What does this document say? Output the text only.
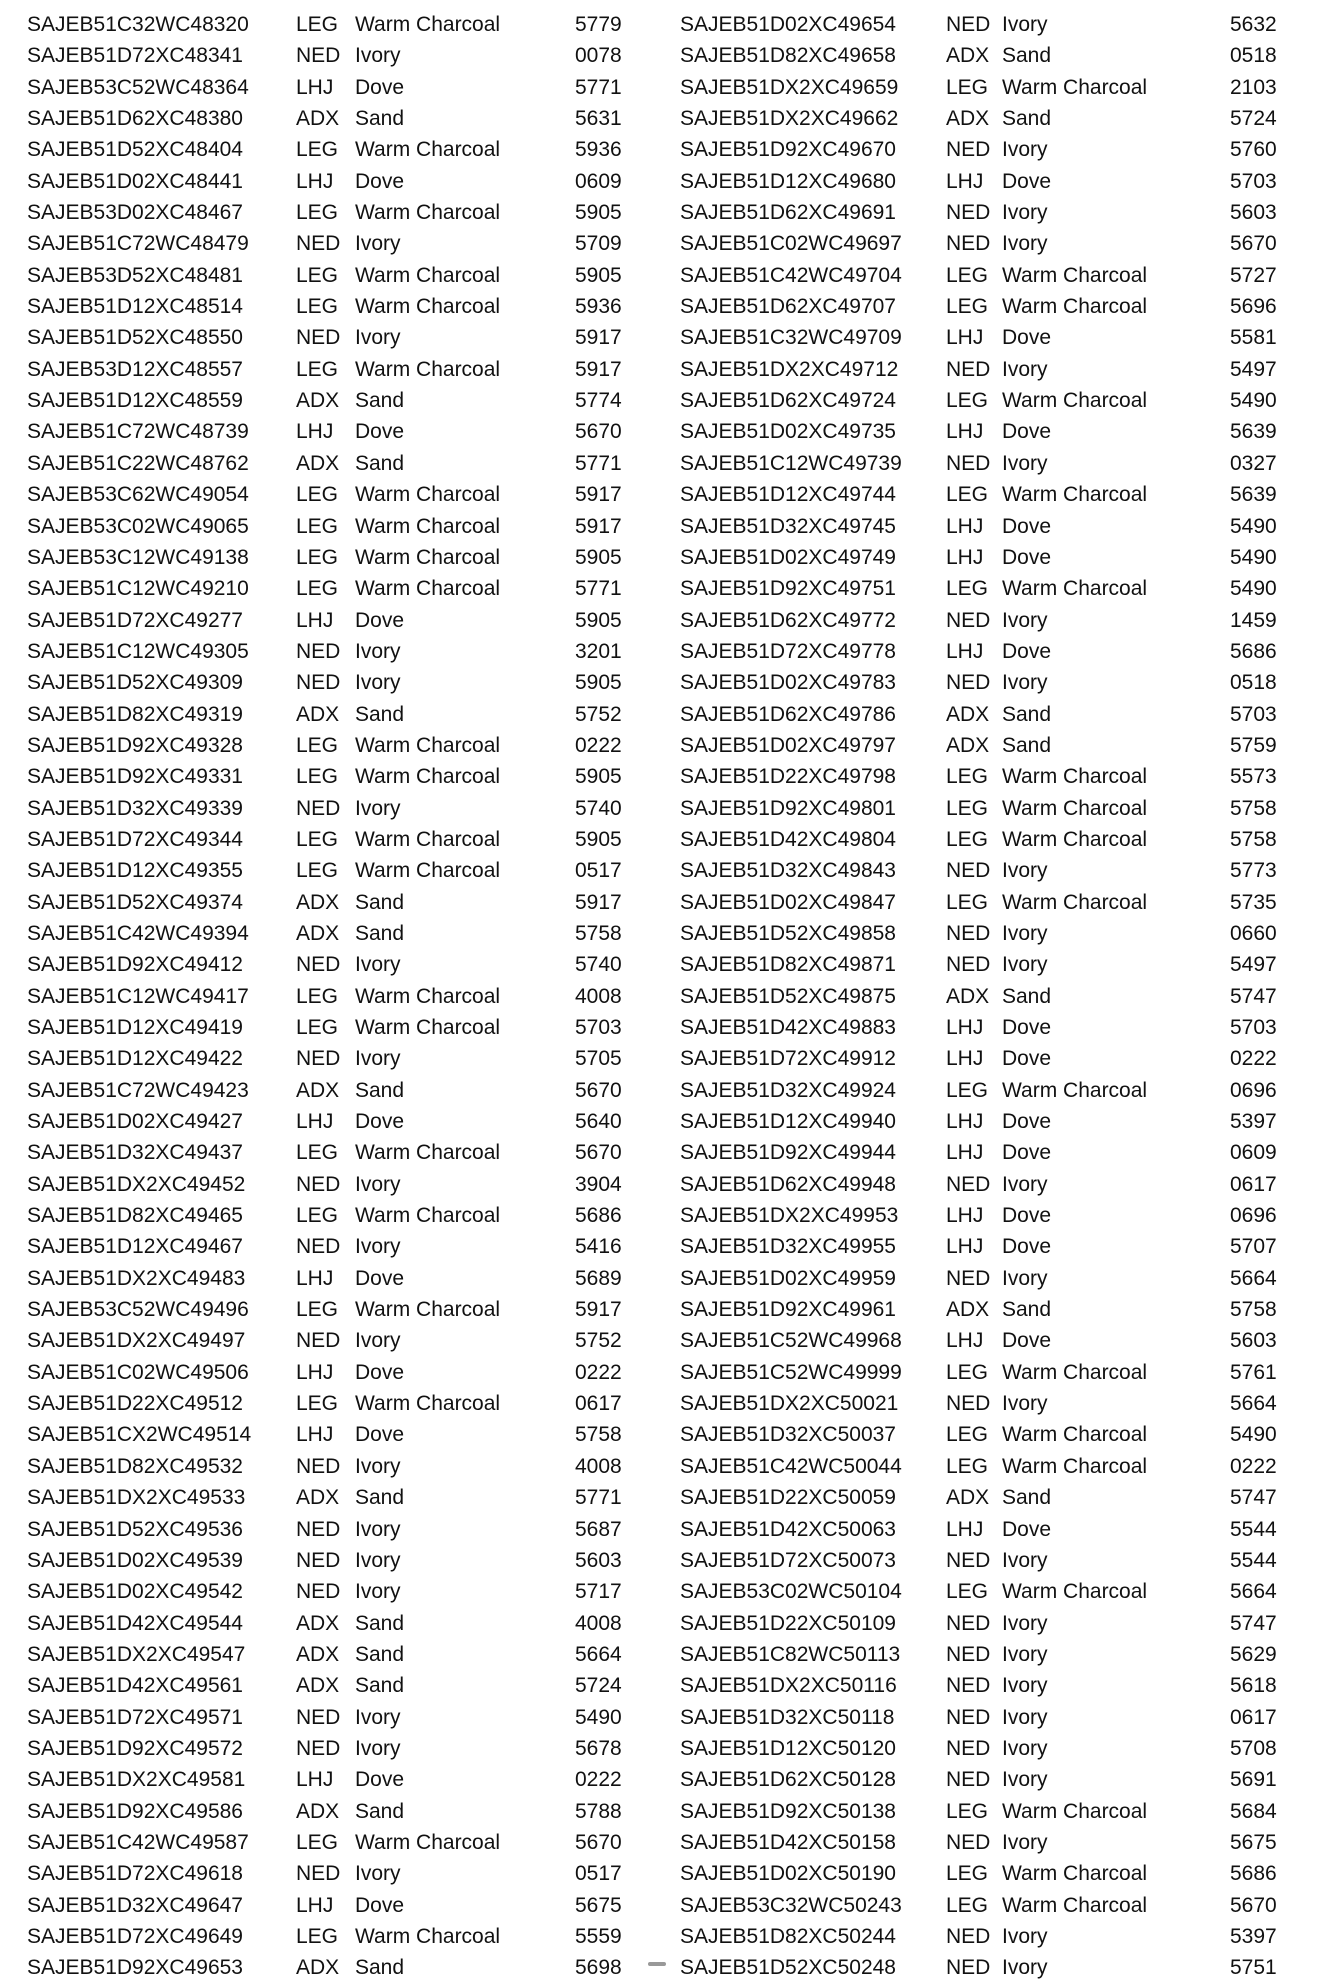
SAJEB51C32WC48320 LEG Warm Charcoal	5779
SAJEB51D72XC48341	NED Ivory	0078
SAJEB53C52WC48364 LHJ Dove	5771
SAJEB51D62XC48380	ADX Sand	5631
SAJEB51D52XC48404	LEG Warm Charcoal	5936
SAJEB51D02XC48441	LHJ Dove	0609
SAJEB53D02XC48467	LEG Warm Charcoal	5905
SAJEB51C72WC48479 NED Ivory	5709
SAJEB53D52XC48481	LEG Warm Charcoal	5905
SAJEB51D12XC48514	LEG Warm Charcoal	5936
SAJEB51D52XC48550	NED Ivory	5917
SAJEB53D12XC48557	LEG Warm Charcoal	5917
SAJEB51D12XC48559	ADX Sand	5774
SAJEB51C72WC48739 LHJ Dove	5670
SAJEB51C22WC48762 ADX Sand	5771
SAJEB53C62WC49054 LEG Warm Charcoal	5917
SAJEB53C02WC49065 LEG Warm Charcoal	5917
SAJEB53C12WC49138 LEG Warm Charcoal	5905
SAJEB51C12WC49210 LEG Warm Charcoal	5771
SAJEB51D72XC49277	LHJ Dove	5905
SAJEB51C12WC49305 NED Ivory	3201
SAJEB51D52XC49309	NED Ivory	5905
SAJEB51D82XC49319	ADX Sand	5752
SAJEB51D92XC49328	LEG Warm Charcoal	0222
SAJEB51D92XC49331	LEG Warm Charcoal	5905
SAJEB51D32XC49339	NED Ivory	5740
SAJEB51D72XC49344	LEG Warm Charcoal	5905
SAJEB51D12XC49355	LEG Warm Charcoal	0517
SAJEB51D52XC49374	ADX Sand	5917
SAJEB51C42WC49394 ADX Sand	5758
SAJEB51D92XC49412	NED Ivory	5740
SAJEB51C12WC49417 LEG Warm Charcoal	4008
SAJEB51D12XC49419	LEG Warm Charcoal	5703
SAJEB51D12XC49422	NED Ivory	5705
SAJEB51C72WC49423 ADX Sand	5670
SAJEB51D02XC49427	LHJ Dove	5640
SAJEB51D32XC49437	LEG Warm Charcoal	5670
SAJEB51DX2XC49452 NED Ivory	3904
SAJEB51D82XC49465	LEG Warm Charcoal	5686
SAJEB51D12XC49467	NED Ivory	5416
SAJEB51DX2XC49483 LHJ Dove	5689
SAJEB53C52WC49496 LEG Warm Charcoal	5917
SAJEB51DX2XC49497 NED Ivory	5752
SAJEB51C02WC49506 LHJ Dove	0222
SAJEB51D22XC49512	LEG Warm Charcoal	0617
SAJEB51CX2WC49514 LHJ Dove	5758
SAJEB51D82XC49532	NED Ivory	4008
SAJEB51DX2XC49533 ADX Sand	5771
SAJEB51D52XC49536	NED Ivory	5687
SAJEB51D02XC49539	NED Ivory	5603
SAJEB51D02XC49542	NED Ivory	5717
SAJEB51D42XC49544	ADX Sand	4008
SAJEB51DX2XC49547 ADX Sand	5664
SAJEB51D42XC49561	ADX Sand	5724
SAJEB51D72XC49571	NED Ivory	5490
SAJEB51D92XC49572	NED Ivory	5678
SAJEB51DX2XC49581 LHJ Dove	0222
SAJEB51D92XC49586	ADX Sand	5788
SAJEB51C42WC49587 LEG Warm Charcoal	5670
SAJEB51D72XC49618	NED Ivory	0517
SAJEB51D32XC49647	LHJ Dove	5675
SAJEB51D72XC49649	LEG Warm Charcoal	5559
SAJEB51D92XC49653	ADX Sand	5698
SAJEB51D02XC49654 NED Ivory	5632
SAJEB51D82XC49658 ADX Sand	0518
SAJEB51DX2XC49659 LEG Warm Charcoal	2103
SAJEB51DX2XC49662 ADX Sand	5724
SAJEB51D92XC49670 NED Ivory	5760
SAJEB51D12XC49680 LHJ Dove	5703
SAJEB51D62XC49691 NED Ivory	5603
SAJEB51C02WC49697 NED Ivory	5670
SAJEB51C42WC49704 LEG Warm Charcoal	5727
SAJEB51D62XC49707 LEG Warm Charcoal	5696
SAJEB51C32WC49709 LHJ Dove	5581
SAJEB51DX2XC49712 NED Ivory	5497
SAJEB51D62XC49724 LEG Warm Charcoal	5490
SAJEB51D02XC49735 LHJ Dove	5639
SAJEB51C12WC49739 NED Ivory	0327
SAJEB51D12XC49744 LEG Warm Charcoal	5639
SAJEB51D32XC49745 LHJ Dove	5490
SAJEB51D02XC49749 LHJ Dove	5490
SAJEB51D92XC49751 LEG Warm Charcoal	5490
SAJEB51D62XC49772 NED Ivory	1459
SAJEB51D72XC49778 LHJ Dove	5686
SAJEB51D02XC49783 NED Ivory	0518
SAJEB51D62XC49786 ADX Sand	5703
SAJEB51D02XC49797 ADX Sand	5759
SAJEB51D22XC49798 LEG Warm Charcoal	5573
SAJEB51D92XC49801 LEG Warm Charcoal	5758
SAJEB51D42XC49804 LEG Warm Charcoal	5758
SAJEB51D32XC49843 NED Ivory	5773
SAJEB51D02XC49847 LEG Warm Charcoal	5735
SAJEB51D52XC49858 NED Ivory	0660
SAJEB51D82XC49871 NED Ivory	5497
SAJEB51D52XC49875 ADX Sand	5747
SAJEB51D42XC49883 LHJ Dove	5703
SAJEB51D72XC49912 LHJ Dove	0222
SAJEB51D32XC49924 LEG Warm Charcoal	0696
SAJEB51D12XC49940 LHJ Dove	5397
SAJEB51D92XC49944 LHJ Dove	0609
SAJEB51D62XC49948 NED Ivory	0617
SAJEB51DX2XC49953 LHJ Dove	0696
SAJEB51D32XC49955 LHJ Dove	5707
SAJEB51D02XC49959 NED Ivory	5664
SAJEB51D92XC49961 ADX Sand	5758
SAJEB51C52WC49968 LHJ Dove	5603
SAJEB51C52WC49999 LEG Warm Charcoal	5761
SAJEB51DX2XC50021 NED Ivory	5664
SAJEB51D32XC50037 LEG Warm Charcoal	5490
SAJEB51C42WC50044 LEG Warm Charcoal	0222
SAJEB51D22XC50059 ADX Sand	5747
SAJEB51D42XC50063 LHJ Dove	5544
SAJEB51D72XC50073 NED Ivory	5544
SAJEB53C02WC50104 LEG Warm Charcoal	5664
SAJEB51D22XC50109 NED Ivory	5747
SAJEB51C82WC50113 NED Ivory	5629
SAJEB51DX2XC50116 NED Ivory	5618
SAJEB51D32XC50118 NED Ivory	0617
SAJEB51D12XC50120 NED Ivory	5708
SAJEB51D62XC50128 NED Ivory	5691
SAJEB51D92XC50138 LEG Warm Charcoal	5684
SAJEB51D42XC50158 NED Ivory	5675
SAJEB51D02XC50190 LEG Warm Charcoal	5686
SAJEB53C32WC50243 LEG Warm Charcoal	5670
SAJEB51D82XC50244 NED Ivory	5397
SAJEB51D52XC50248 NED Ivory	5751
